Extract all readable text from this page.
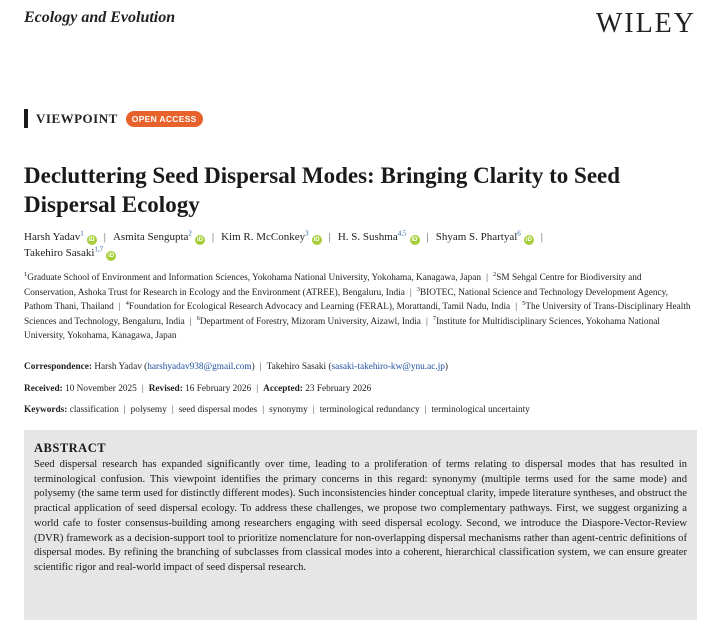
Ecology and Evolution	WILEY
VIEWPOINT	OPEN ACCESS
Decluttering Seed Dispersal Modes: Bringing Clarity to Seed Dispersal Ecology
Harsh Yadav$^1$iD | Asmita Sengupta$^2$iD | Kim R. McConkey$^3$iD | H. S. Sushma$^{4,5}$iD | Shyam S. Phartyal$^6$iD |
Takehiro Sasaki$^{1,7}$iD
$^1$Graduate School of Environment and Information Sciences, Yokohama National University, Yokohama, Kanagawa, Japan | $^2$SM Sehgal Centre for Biodiversity and Conservation, Ashoka Trust for Research in Ecology and the Environment (ATREE), Bengaluru, India | $^3$BIOTEC, National Science and Technology Development Agency, Pathom Thani, Thailand | $^4$Foundation for Ecological Research Advocacy and Learning (FERAL), Morattandi, Tamil Nadu, India | $^5$The University of Trans-Disciplinary Health Sciences and Technology, Bengaluru, India | $^6$Department of Forestry, Mizoram University, Aizawl, India | $^7$Institute for Multidisciplinary Sciences, Yokohama National University, Yokohama, Kanagawa, Japan
Correspondence: Harsh Yadav (harshyadav938@gmail.com) | Takehiro Sasaki (sasaki-takehiro-kw@ynu.ac.jp)
Received: 10 November 2025 | Revised: 16 February 2026 | Accepted: 23 February 2026
Keywords: classification | polysemy | seed dispersal modes | synonymy | terminological redundancy | terminological uncertainty
ABSTRACT

Seed dispersal research has expanded significantly over time, leading to a proliferation of terms relating to dispersal modes that has resulted in terminological confusion. This viewpoint identifies the primary concerns in this regard: synonymy (multiple terms used for the same mode) and polysemy (the same term used for distinctly different modes). Such inconsistencies hinder conceptual clarity, impede literature syntheses, and obstruct the practical application of seed dispersal ecology. To address these challenges, we propose two complementary pathways. First, we suggest organizing a world cafe to foster consensus-building among researchers engaging with seed dispersal ecology. Second, we introduce the Diaspore-Vector-Review (DVR) framework as a decision-support tool to prioritize nomenclature for non-overlapping dispersal mechanisms rather than agent-centric definitions of dispersal modes. By refining the branching of subclasses from classical modes into a coherent, hierarchical classification system, we can ensure greater scientific rigor and real-world impact of seed dispersal research.
